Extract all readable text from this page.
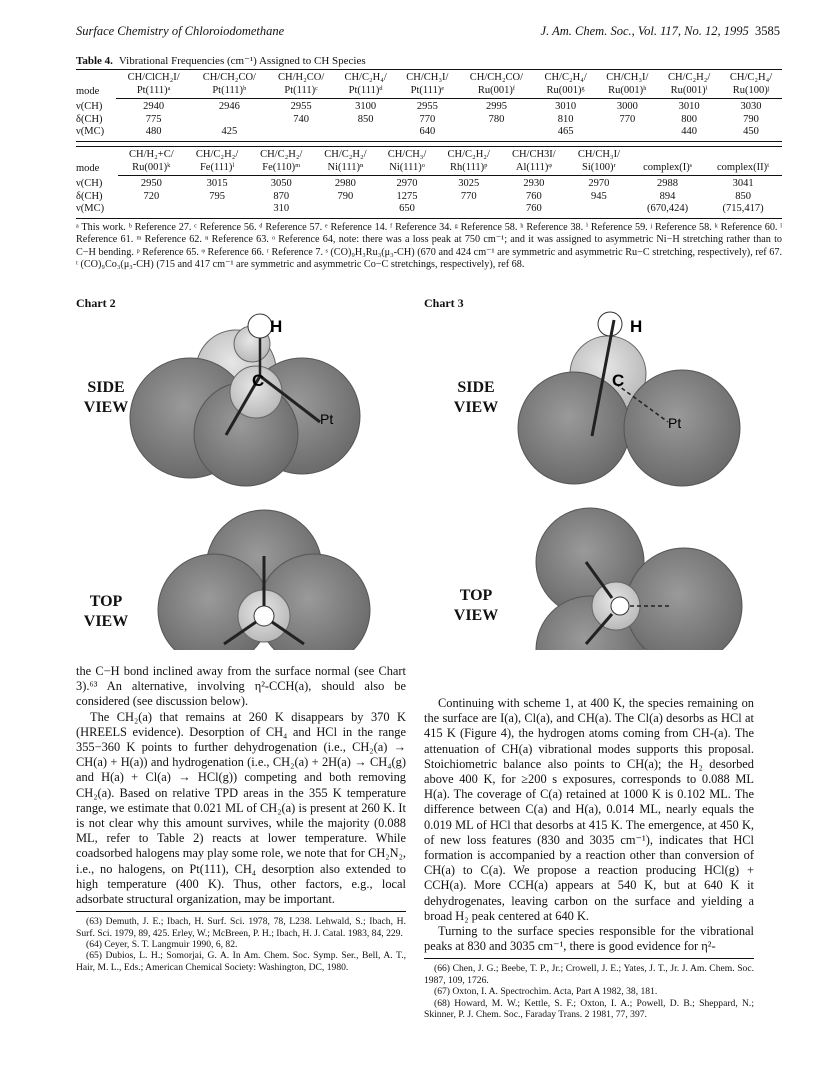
Surface Chemistry of Chloroiodomethane	J. Am. Chem. Soc., Vol. 117, No. 12, 1995 3585
Table 4. Vibrational Frequencies (cm⁻¹) Assigned to CH Species
mode	CH/ClCH₂I/	CH/CH₂CO/	CH/H₂CO/	CH/C₂H₄/	CH/CH₃I/	CH/CH₂CO/	CH/C₂H₄/	CH/CH₃I/	CH/C₂H₂/	CH/C₂H₄/
	Pt(111)ᵃ	Pt(111)ᵇ	Pt(111)ᶜ	Pt(111)ᵈ	Pt(111)ᵉ	Ru(001)ᶠ	Ru(001)ᵍ	Ru(001)ʰ	Ru(001)ⁱ	Ru(100)ʲ
ν(CH)	2940	2946	2955	3100	2955	2995	3010	3000	3010	3030
δ(CH)	775		740	850	770	780	810	770	800	790
ν(MC)	480	425			640		465		440	450
mode	CH/H₂+C/	CH/C₂H₂/	CH/C₂H₂/	CH/C₂H₂/	CH/CH₃/	CH/C₂H₂/	CH/CH3I/	CH/CH₃I/		
	Ru(001)ᵏ	Fe(111)ˡ	Fe(110)ᵐ	Ni(111)ⁿ	Ni(111)ᵒ	Rh(111)ᵖ	Al(111)ᵠ	Si(100)ʳ	complex(I)ˢ	complex(II)ᵗ
ν(CH)	2950	3015	3050	2980	2970	3025	2930	2970	2988	3041
δ(CH)	720	795	870	790	1275	770	760	945	894	850
ν(MC)			310		650		760		(670,424)	(715,417)
ᵃ This work. ᵇ Reference 27. ᶜ Reference 56. ᵈ Reference 57. ᵉ Reference 14. ᶠ Reference 34. ᵍ Reference 58. ʰ Reference 38. ⁱ Reference 59. ʲ Reference 58. ᵏ Reference 60. ˡ Reference 61. ᵐ Reference 62. ⁿ Reference 63. ᵒ Reference 64, note: there was a loss peak at 750 cm⁻¹; and it was assigned to asymmetric Ni−H stretching rather than to C−H bending. ᵖ Reference 65. ᵠ Reference 66. ʳ Reference 7. ˢ (CO)₉H₃Ru₃(μ₃-CH) (670 and 424 cm⁻¹ are symmetric and asymmetric Ru−C stretching, respectively), ref 67. ᵗ (CO)₉Co₃(μ₃-CH) (715 and 417 cm⁻¹ are symmetric and asymmetric Co−C stretchings, respectively), ref 68.
Chart 2
H
C
Pt
SIDE
VIEW
TOP
VIEW
Chart 3
H
C
Pt
SIDE
VIEW
TOP
VIEW

the C−H bond inclined away from the surface normal (see Chart 3).⁶³ An alternative, involving η²-CCH(a), should also be considered (see discussion below).

The CH₂(a) that remains at 260 K disappears by 370 K (HREELS evidence). Desorption of CH₄ and HCl in the range 355−360 K points to further dehydrogenation (i.e., CH₂(a) → CH(a) + H(a)) and hydrogenation (i.e., CH₂(a) + 2H(a) → CH₄(g) and H(a) + Cl(a) → HCl(g)) competing and both removing CH₂(a). Based on relative TPD areas in the 355 K temperature range, we estimate that 0.021 ML of CH₂(a) is present at 260 K. It is not clear why this amount survives, while the majority (0.088 ML, refer to Table 2) reacts at lower temperature. While coadsorbed halogens may play some role, we note that for CH₂N₂, i.e., no halogens, on Pt(111), CH₄ desorption also extended to high temperature (400 K). Thus, other factors, e.g., local adsorbate structural organization, may be important.

(63) Demuth, J. E.; Ibach, H. Surf. Sci. 1978, 78, L238. Lehwald, S.; Ibach, H. Surf. Sci. 1979, 89, 425. Erley, W.; McBreen, P. H.; Ibach, H. J. Catal. 1983, 84, 229.
(64) Ceyer, S. T. Langmuir 1990, 6, 82.
(65) Dubios, L. H.; Somorjai, G. A. In Am. Chem. Soc. Symp. Ser., Bell, A. T., Hair, M. L., Eds.; American Chemical Society: Washington, DC, 1980.

Continuing with scheme 1, at 400 K, the species remaining on the surface are I(a), Cl(a), and CH(a). The Cl(a) desorbs as HCl at 415 K (Figure 4), the hydrogen atoms coming from CH-(a). The attenuation of CH(a) vibrational modes supports this proposal. Stoichiometric balance also points to CH(a); the H₂ desorbed above 400 K, for ≥200 s exposures, corresponds to 0.088 ML H(a). The coverage of C(a) retained at 1000 K is 0.102 ML. The difference between C(a) and H(a), 0.014 ML, nearly equals the 0.019 ML of HCl that desorbs at 415 K. The emergence, at 450 K, of new loss features (830 and 3035 cm⁻¹), indicates that HCl formation is accompanied by a reaction other than conversion of CH(a) to C(a). We propose a reaction producing HCl(g) + CCH(a). More CCH(a) appears at 540 K, but at 640 K it dehydrogenates, leaving carbon on the surface and yielding a broad H₂ peak centered at 640 K.

Turning to the surface species responsible for the vibrational peaks at 830 and 3035 cm⁻¹, there is good evidence for η²-

(66) Chen, J. G.; Beebe, T. P., Jr.; Crowell, J. E.; Yates, J. T., Jr. J. Am. Chem. Soc. 1987, 109, 1726.
(67) Oxton, I. A. Spectrochim. Acta, Part A 1982, 38, 181.
(68) Howard, M. W.; Kettle, S. F.; Oxton, I. A.; Powell, D. B.; Sheppard, N.; Skinner, P. J. Chem. Soc., Faraday Trans. 2 1981, 77, 397.
